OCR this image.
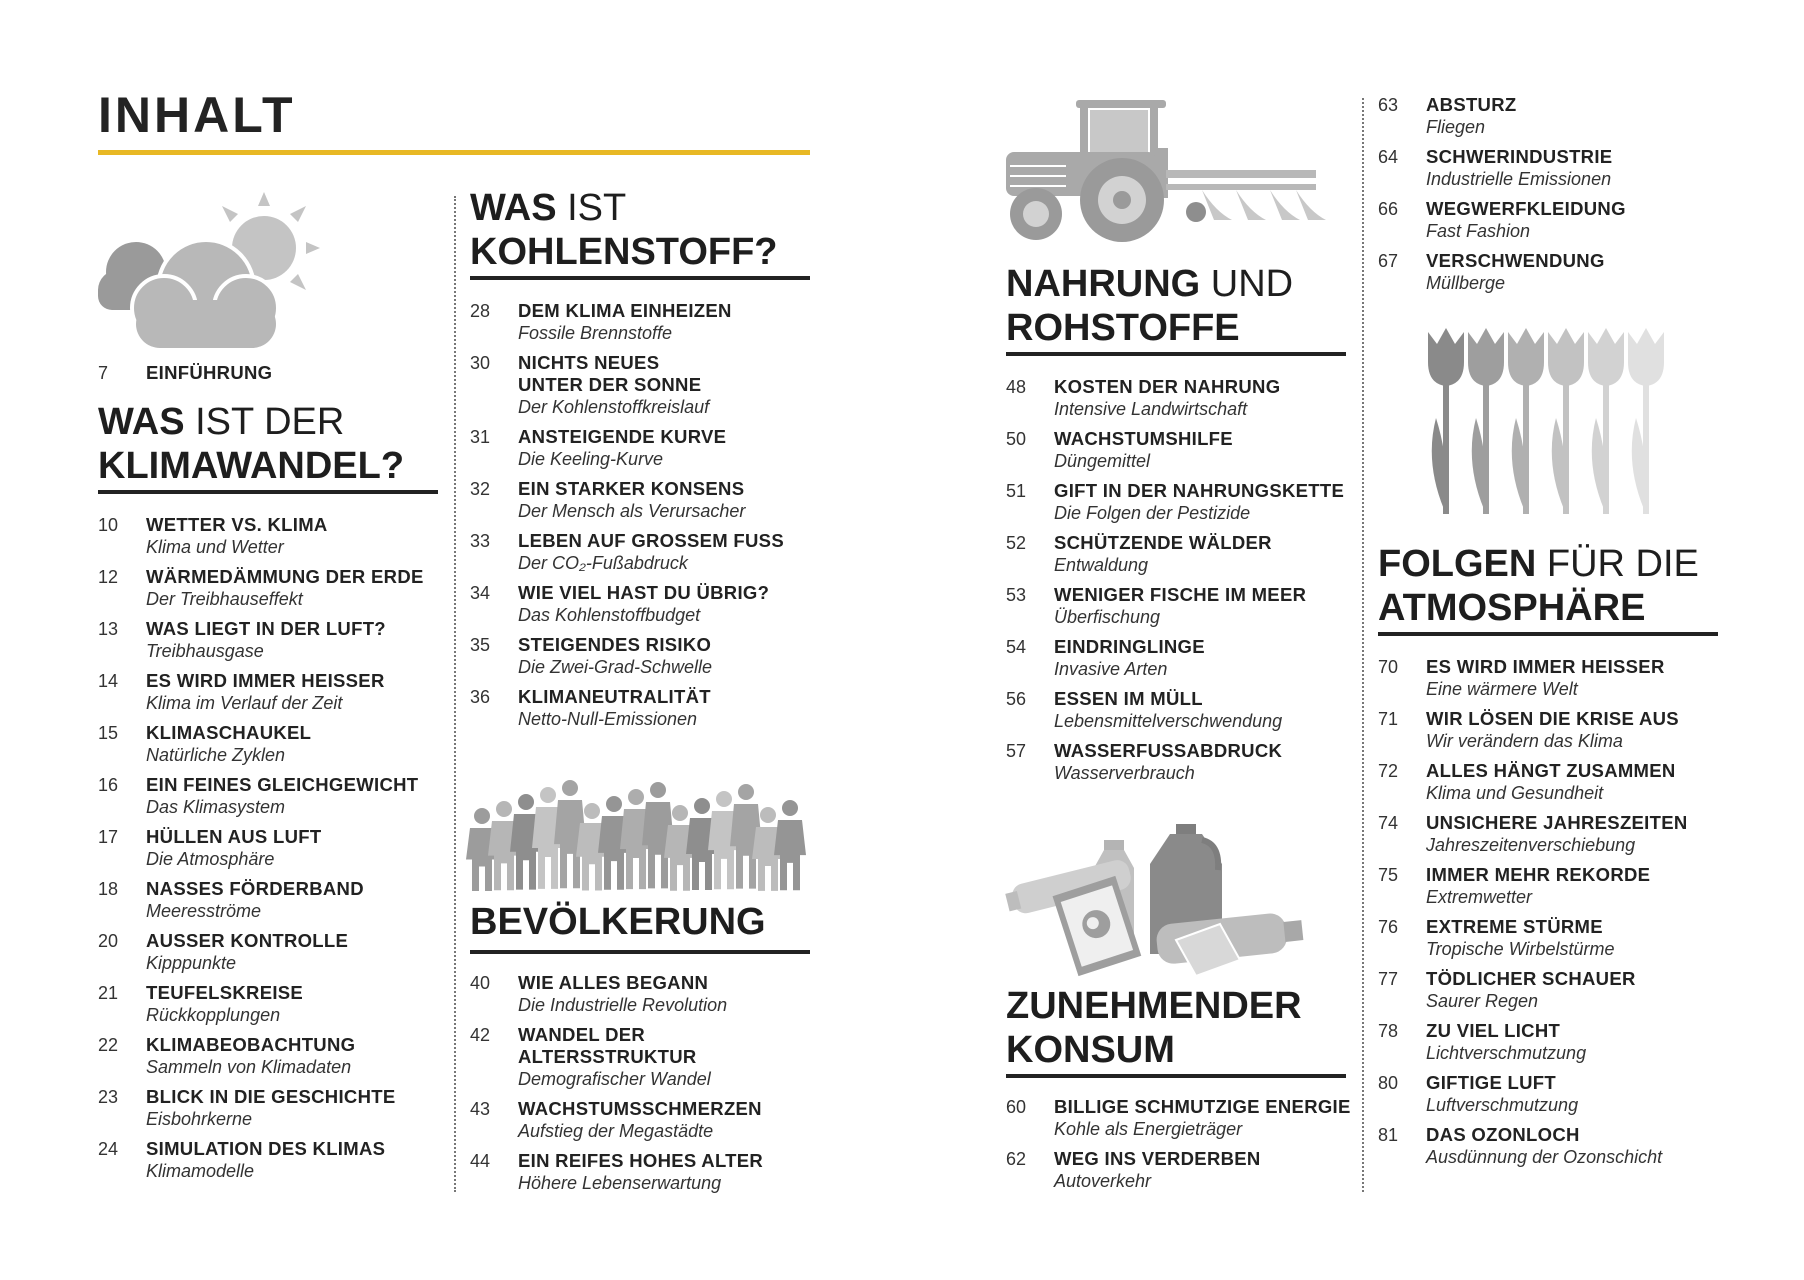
INHALT
7	EINFÜHRUNG
WAS IST DER
KLIMAWANDEL?
10	WETTER VS. KLIMA
Klima und Wetter
12	WÄRMEDÄMMUNG DER ERDE
Der Treibhauseffekt
13	WAS LIEGT IN DER LUFT?
Treibhausgase
14	ES WIRD IMMER HEISSER
Klima im Verlauf der Zeit
15	KLIMASCHAUKEL
Natürliche Zyklen
16	EIN FEINES GLEICHGEWICHT
Das Klimasystem
17	HÜLLEN AUS LUFT
Die Atmosphäre
18	NASSES FÖRDERBAND
Meeresströme
20	AUSSER KONTROLLE
Kipppunkte
21	TEUFELSKREISE
Rückkopplungen
22	KLIMABEOBACHTUNG
Sammeln von Klimadaten
23	BLICK IN DIE GESCHICHTE
Eisbohrkerne
24	SIMULATION DES KLIMAS
Klimamodelle
WAS IST
KOHLENSTOFF?
28	DEM KLIMA EINHEIZEN
Fossile Brennstoffe
30	NICHTS NEUES
UNTER DER SONNE
Der Kohlenstoffkreislauf
31	ANSTEIGENDE KURVE
Die Keeling-Kurve
32	EIN STARKER KONSENS
Der Mensch als Verursacher
33	LEBEN AUF GROSSEM FUSS
Der CO₂-Fußabdruck
34	WIE VIEL HAST DU ÜBRIG?
Das Kohlenstoffbudget
35	STEIGENDES RISIKO
Die Zwei-Grad-Schwelle
36	KLIMANEUTRALITÄT
Netto-Null-Emissionen
BEVÖLKERUNG
40	WIE ALLES BEGANN
Die Industrielle Revolution
42	WANDEL DER
ALTERSSTRUKTUR
Demografischer Wandel
43	WACHSTUMSSCHMERZEN
Aufstieg der Megastädte
44	EIN REIFES HOHES ALTER
Höhere Lebenserwartung
NAHRUNG UND
ROHSTOFFE
48	KOSTEN DER NAHRUNG
Intensive Landwirtschaft
50	WACHSTUMSHILFE
Düngemittel
51	GIFT IN DER NAHRUNGSKETTE
Die Folgen der Pestizide
52	SCHÜTZENDE WÄLDER
Entwaldung
53	WENIGER FISCHE IM MEER
Überfischung
54	EINDRINGLINGE
Invasive Arten
56	ESSEN IM MÜLL
Lebensmittelverschwendung
57	WASSERFUSSABDRUCK
Wasserverbrauch
ZUNEHMENDER
KONSUM
60	BILLIGE SCHMUTZIGE ENERGIE
Kohle als Energieträger
62	WEG INS VERDERBEN
Autoverkehr
63	ABSTURZ
Fliegen
64	SCHWERINDUSTRIE
Industrielle Emissionen
66	WEGWERFKLEIDUNG
Fast Fashion
67	VERSCHWENDUNG
Müllberge
FOLGEN FÜR DIE
ATMOSPHÄRE
70	ES WIRD IMMER HEISSER
Eine wärmere Welt
71	WIR LÖSEN DIE KRISE AUS
Wir verändern das Klima
72	ALLES HÄNGT ZUSAMMEN
Klima und Gesundheit
74	UNSICHERE JAHRESZEITEN
Jahreszeitenverschiebung
75	IMMER MEHR REKORDE
Extremwetter
76	EXTREME STÜRME
Tropische Wirbelstürme
77	TÖDLICHER SCHAUER
Saurer Regen
78	ZU VIEL LICHT
Lichtverschmutzung
80	GIFTIGE LUFT
Luftverschmutzung
81	DAS OZONLOCH
Ausdünnung der Ozonschicht
